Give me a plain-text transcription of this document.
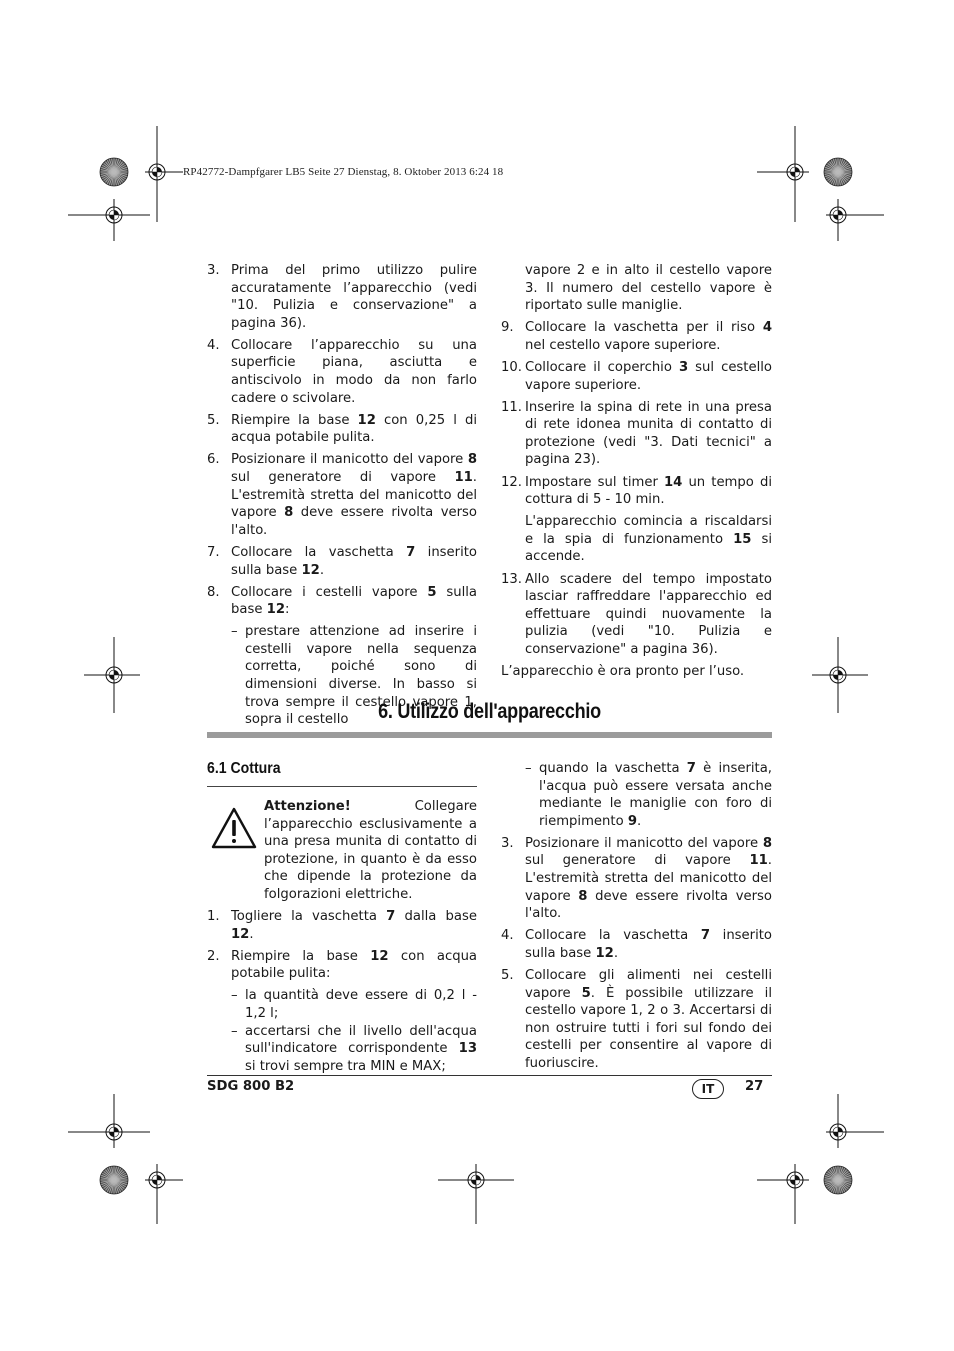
RP42772-Dampfgarer LB5 Seite 27 Dienstag, 8. Oktober 2013 6:24 18
3. Prima del primo utilizzo pulire accuratamente l’apparecchio (vedi "10. Pulizia e conservazione" a pagina 36).
4. Collocare l’apparecchio su una superficie piana, asciutta e antiscivolo in modo da non farlo cadere o scivolare.
5. Riempire la base 12 con 0,25 l di acqua potabile pulita.
6. Posizionare il manicotto del vapore 8 sul generatore di vapore 11. L'estremità stretta del manicotto del vapore 8 deve essere rivolta verso l'alto.
7. Collocare la vaschetta 7 inserito sulla base 12.
8. Collocare i cestelli vapore 5 sulla base 12:
– prestare attenzione ad inserire i cestelli vapore nella sequenza corretta, poiché sono di dimensioni diverse. In basso si trova sempre il cestello vapore 1, sopra il cestello
vapore 2 e in alto il cestello vapore 3. Il numero del cestello vapore è riportato sulle maniglie.
9. Collocare la vaschetta per il riso 4 nel cestello vapore superiore.
10. Collocare il coperchio 3 sul cestello vapore superiore.
11. Inserire la spina di rete in una presa di rete idonea munita di contatto di protezione (vedi "3. Dati tecnici" a pagina 23).
12. Impostare sul timer 14 un tempo di cottura di 5 - 10 min.
L'apparecchio comincia a riscaldarsi e la spia di funzionamento 15 si accende.
13. Allo scadere del tempo impostato lasciar raffreddare l'apparecchio ed effettuare quindi nuovamente la pulizia (vedi "10. Pulizia e conservazione" a pagina 36).
L’apparecchio è ora pronto per l’uso.
6. Utilizzo dell'apparecchio
6.1 Cottura
Attenzione! Collegare l’apparecchio esclusivamente a una presa munita di contatto di protezione, in quanto è da esso che dipende la protezione da folgorazioni elettriche.
1. Togliere la vaschetta 7 dalla base 12.
2. Riempire la base 12 con acqua potabile pulita:
– la quantità deve essere di 0,2 l - 1,2 l;
– accertarsi che il livello dell'acqua sull'indicatore corrispondente 13 si trovi sempre tra MIN e MAX;
– quando la vaschetta 7 è inserita, l'acqua può essere versata anche mediante le maniglie con foro di riempimento 9.
3. Posizionare il manicotto del vapore 8 sul generatore di vapore 11. L'estremità stretta del manicotto del vapore 8 deve essere rivolta verso l'alto.
4. Collocare la vaschetta 7 inserito sulla base 12.
5. Collocare gli alimenti nei cestelli vapore 5. È possibile utilizzare il cestello vapore 1, 2 o 3. Accertarsi di non ostruire tutti i fori sul fondo dei cestelli per consentire al vapore di fuoriuscire.
SDG 800 B2	IT	27
